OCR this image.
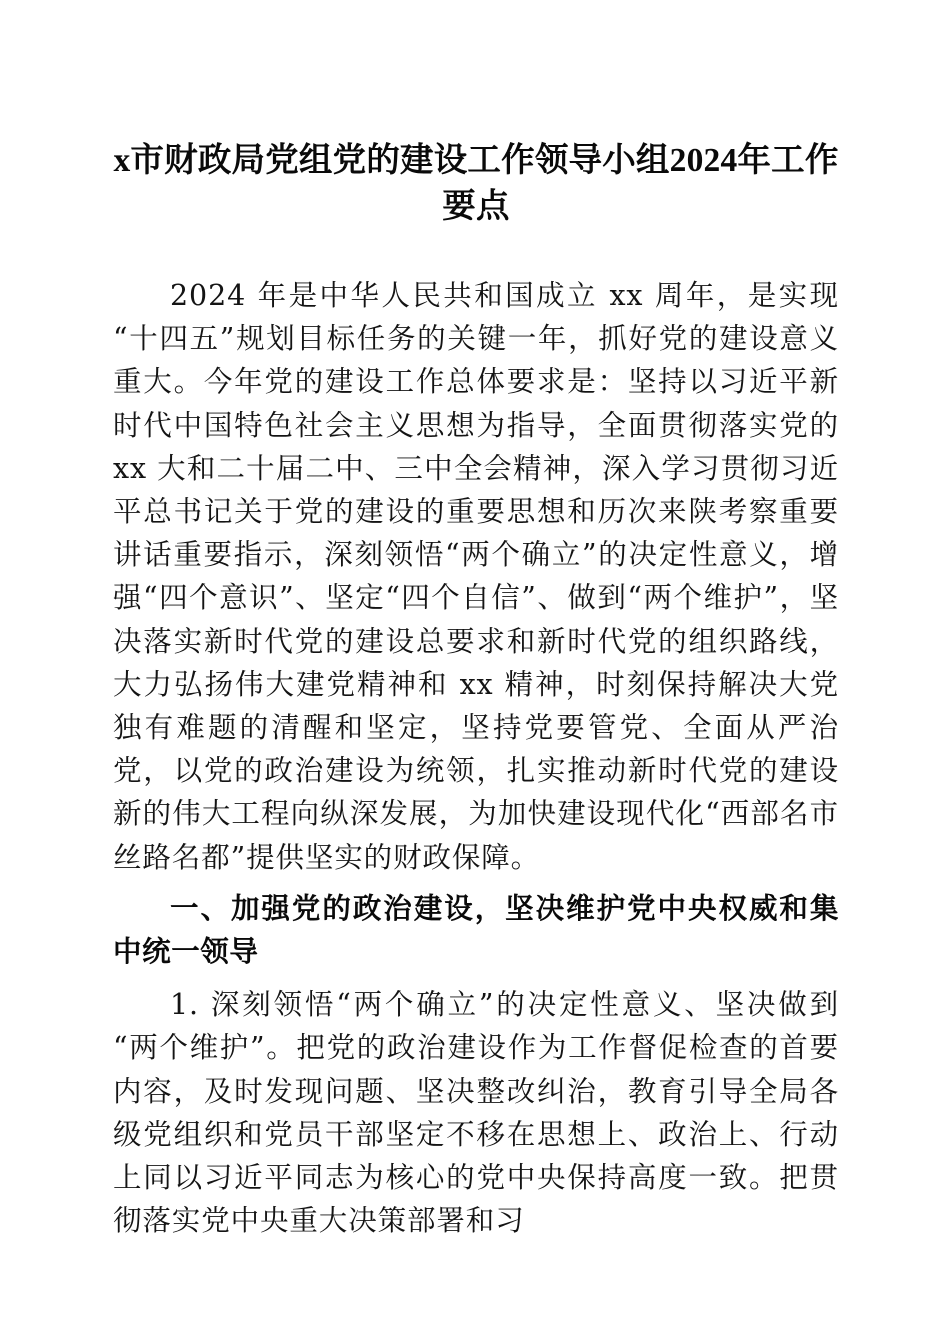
x市财政局党组党的建设工作领导小组2024年工作要点

2024 年是中华人民共和国成立 xx 周年，是实现“十四五”规划目标任务的关键一年，抓好党的建设意义重大。今年党的建设工作总体要求是：坚持以习近平新时代中国特色社会主义思想为指导，全面贯彻落实党的 xx 大和二十届二中、三中全会精神，深入学习贯彻习近平总书记关于党的建设的重要思想和历次来陕考察重要讲话重要指示，深刻领悟“两个确立”的决定性意义，增强“四个意识”、坚定“四个自信”、做到“两个维护”，坚决落实新时代党的建设总要求和新时代党的组织路线，大力弘扬伟大建党精神和 xx 精神，时刻保持解决大党独有难题的清醒和坚定，坚持党要管党、全面从严治党，以党的政治建设为统领，扎实推动新时代党的建设新的伟大工程向纵深发展，为加快建设现代化“西部名市丝路名都”提供坚实的财政保障。

一、加强党的政治建设，坚决维护党中央权威和集中统一领导

1. 深刻领悟“两个确立”的决定性意义、坚决做到“两个维护”。把党的政治建设作为工作督促检查的首要内容，及时发现问题、坚决整改纠治，教育引导全局各级党组织和党员干部坚定不移在思想上、政治上、行动上同以习近平同志为核心的党中央保持高度一致。把贯彻落实党中央重大决策部署和习
